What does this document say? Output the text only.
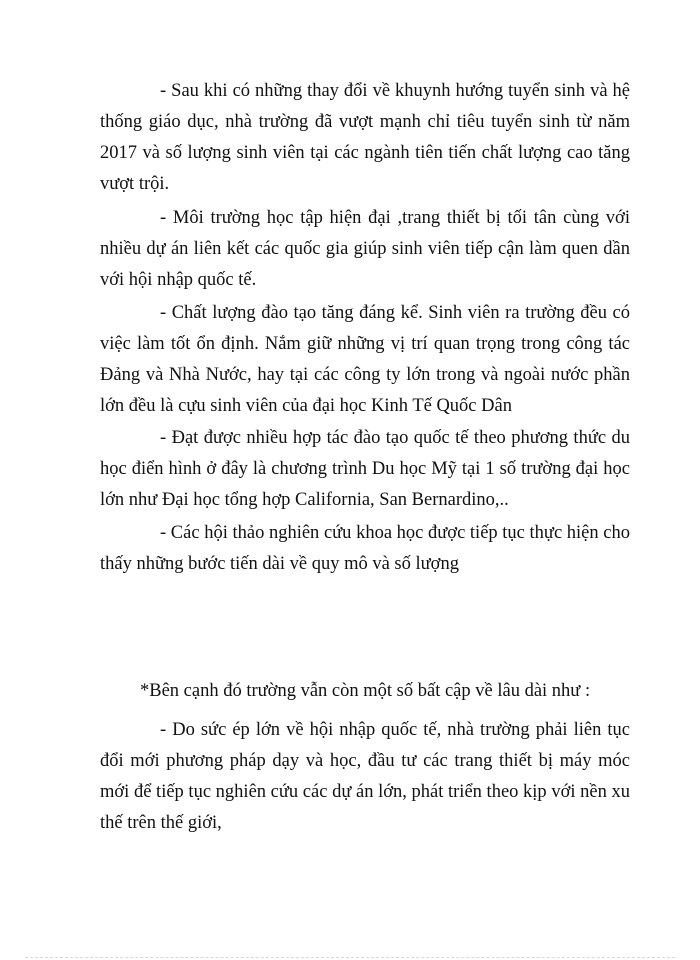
- Sau khi có những thay đổi về khuynh hướng tuyển sinh và hệ thống giáo dục, nhà trường đã vượt mạnh chỉ tiêu tuyển sinh từ năm 2017 và số lượng sinh viên tại các ngành tiên tiến chất lượng cao tăng vượt trội.

- Môi trường học tập hiện đại ,trang thiết bị tối tân cùng với nhiều dự án liên kết các quốc gia giúp sinh viên tiếp cận làm quen dần với hội nhập quốc tế.

- Chất lượng đào tạo tăng đáng kể. Sinh viên ra trường đều có việc làm tốt ổn định. Nắm giữ những vị trí quan trọng trong công tác Đảng và Nhà Nước, hay tại các công ty lớn trong và ngoài nước phần lớn đều là cựu sinh viên của đại học Kinh Tế Quốc Dân

- Đạt được nhiều hợp tác đào tạo quốc tế theo phương thức du học điển hình ở đây là chương trình Du học Mỹ tại 1 số trường đại học lớn như Đại học tổng hợp California, San Bernardino,..

- Các hội thảo nghiên cứu khoa học được tiếp tục thực hiện cho thấy những bước tiến dài về quy mô và số lượng

*Bên cạnh đó trường vẫn còn một số bất cập về lâu dài như :

- Do sức ép lớn về hội nhập quốc tế, nhà trường phải liên tục đổi mới phương pháp dạy và học, đầu tư các trang thiết bị máy móc mới để tiếp tục nghiên cứu các dự án lớn, phát triển theo kịp với nền xu thế trên thế giới,
